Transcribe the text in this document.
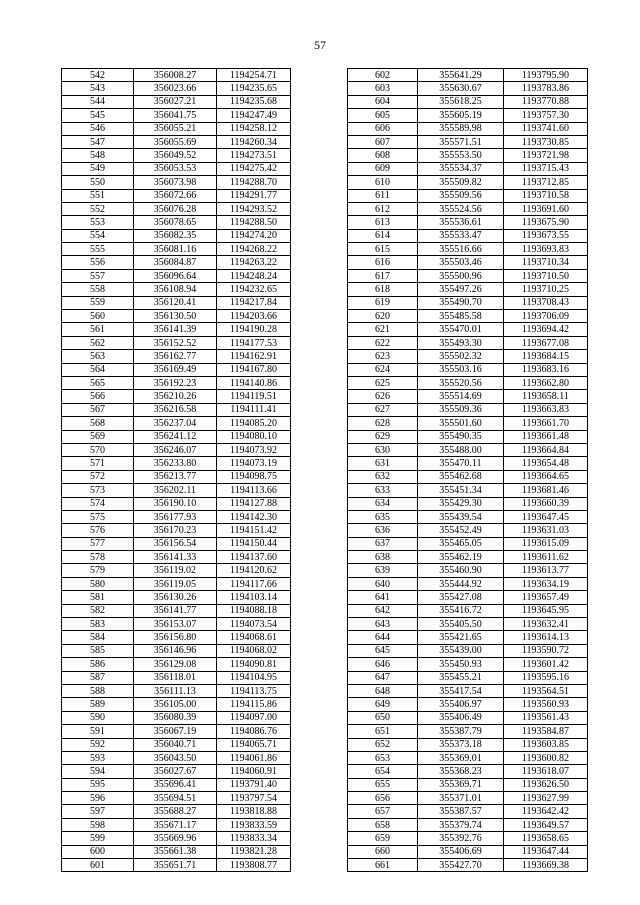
57
542	356008.27	1194254.71
543	356023.66	1194235.65
544	356027.21	1194235.68
545	356041.75	1194247.49
546	356055.21	1194258.12
547	356055.69	1194260.34
548	356049.52	1194273.51
549	356053.53	1194275.42
550	356073.98	1194288.70
551	356072.66	1194291.77
552	356076.28	1194293.52
553	356078.65	1194288.50
554	356082.35	1194274.20
555	356081.16	1194268.22
556	356084.87	1194263.22
557	356096.64	1194248.24
558	356108.94	1194232.65
559	356120.41	1194217.84
560	356130.50	1194203.66
561	356141.39	1194190.28
562	356152.52	1194177.53
563	356162.77	1194162.91
564	356169.49	1194167.80
565	356192.23	1194140.86
566	356210.26	1194119.51
567	356216.58	1194111.41
568	356237.04	1194085.20
569	356241.12	1194080.10
570	356246.07	1194073.92
571	356233.80	1194073.19
572	356213.77	1194098.75
573	356202.11	1194113.66
574	356190.10	1194127.88
575	356177.93	1194142.30
576	356170.23	1194151.42
577	356156.54	1194150.44
578	356141.33	1194137.60
579	356119.02	1194120.62
580	356119.05	1194117.66
581	356130.26	1194103.14
582	356141.77	1194088.18
583	356153.07	1194073.54
584	356156.80	1194068.61
585	356146.96	1194068.02
586	356129.08	1194090.81
587	356118.01	1194104.95
588	356111.13	1194113.75
589	356105.00	1194115.86
590	356080.39	1194097.00
591	356067.19	1194086.76
592	356040.71	1194065.71
593	356043.50	1194061.86
594	356027.67	1194060.91
595	355696.41	1193791.40
596	355694.51	1193797.54
597	355688.27	1193818.88
598	355671.17	1193833.59
599	355669.96	1193833.34
600	355661.38	1193821.28
601	355651.71	1193808.77
602	355641.29	1193795.90
603	355630.67	1193783.86
604	355618.25	1193770.88
605	355605.19	1193757.30
606	355589.98	1193741.60
607	355571.51	1193730.85
608	355553.50	1193721.98
609	355534.37	1193715.43
610	355509.82	1193712.85
611	355509.56	1193710.58
612	355524.56	1193691.60
613	355536.61	1193675.90
614	355533.47	1193673.55
615	355516.66	1193693.83
616	355503.46	1193710.34
617	355500.96	1193710.50
618	355497.26	1193710.25
619	355490.70	1193708.43
620	355485.58	1193706.09
621	355470.01	1193694.42
622	355493.30	1193677.08
623	355502.32	1193684.15
624	355503.16	1193683.16
625	355520.56	1193662.80
626	355514.69	1193658.11
627	355509.36	1193663.83
628	355501.60	1193661.70
629	355490.35	1193661.48
630	355488.00	1193664.84
631	355470.11	1193654.48
632	355462.68	1193664.65
633	355451.34	1193681.46
634	355429.30	1193660.39
635	355439.54	1193647.45
636	355452.49	1193631.03
637	355465.05	1193615.09
638	355462.19	1193611.62
639	355460.90	1193613.77
640	355444.92	1193634.19
641	355427.08	1193657.49
642	355416.72	1193645.95
643	355405.50	1193632.41
644	355421.65	1193614.13
645	355439.00	1193590.72
646	355450.93	1193601.42
647	355455.21	1193595.16
648	355417.54	1193564.51
649	355406.97	1193560.93
650	355406.49	1193561.43
651	355387.79	1193584.87
652	355373.18	1193603.85
653	355369.01	1193600.82
654	355368.23	1193618.07
655	355369.71	1193626.50
656	355371.01	1193627.99
657	355387.57	1193642.42
658	355379.74	1193649.57
659	355392.76	1193658.65
660	355406.69	1193647.44
661	355427.70	1193669.38
